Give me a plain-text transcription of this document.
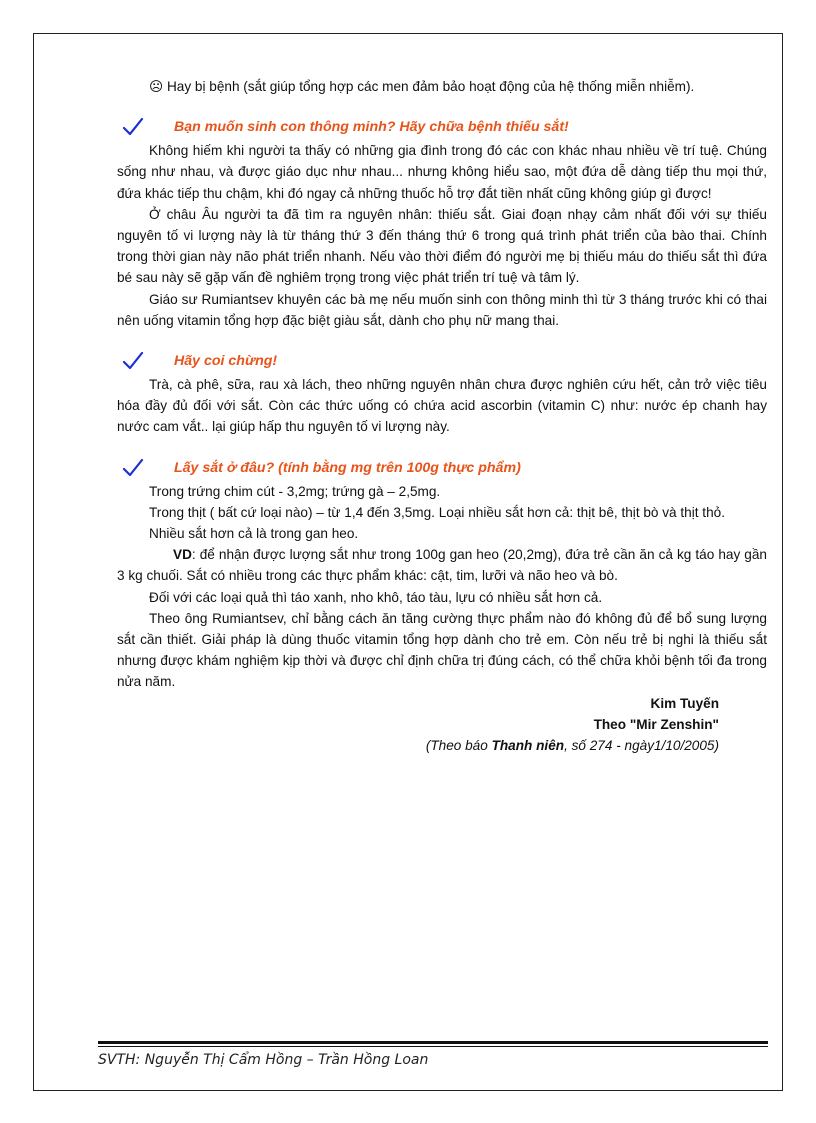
☹ Hay bị bệnh (sắt giúp tổng hợp các men đảm bảo hoạt động của hệ thống miễn nhiễm).

Bạn muốn sinh con thông minh? Hãy chữa bệnh thiếu sắt!

Không hiếm khi người ta thấy có những gia đình trong đó các con khác nhau nhiều về trí tuệ. Chúng sống như nhau, và được giáo dục như nhau... nhưng không hiểu sao, một đứa dễ dàng tiếp thu mọi thứ, đứa khác tiếp thu chậm, khi đó ngay cả những thuốc hỗ trợ đắt tiền nhất cũng không giúp gì được!

Ở châu Âu người ta đã tìm ra nguyên nhân: thiếu sắt. Giai đoạn nhạy cảm nhất đối với sự thiếu nguyên tố vi lượng này là từ tháng thứ 3 đến tháng thứ 6 trong quá trình phát triển của bào thai. Chính trong thời gian này não phát triển nhanh. Nếu vào thời điểm đó người mẹ bị thiếu máu do thiếu sắt thì đứa bé sau này sẽ gặp vấn đề nghiêm trọng trong việc phát triển trí tuệ và tâm lý.

Giáo sư Rumiantsev khuyên các bà mẹ nếu muốn sinh con thông minh thì từ 3 tháng trước khi có thai nên uống vitamin tổng hợp đặc biệt giàu sắt, dành cho phụ nữ mang thai.

Hãy coi chừng!

Trà, cà phê, sữa, rau xà lách, theo những nguyên nhân chưa được nghiên cứu hết, cản trở việc tiêu hóa đầy đủ đối với sắt. Còn các thức uống có chứa acid ascorbin (vitamin C) như: nước ép chanh hay nước cam vắt.. lại giúp hấp thu nguyên tố vi lượng này.

Lấy sắt ở đâu? (tính bằng mg trên 100g thực phẩm)

Trong trứng chim cút - 3,2mg; trứng gà – 2,5mg.

Trong thịt ( bất cứ loại nào) – từ 1,4 đến 3,5mg. Loại nhiều sắt hơn cả: thịt bê, thịt bò và thịt thỏ.

Nhiều sắt hơn cả là trong gan heo.

VD: để nhận được lượng sắt như trong 100g gan heo (20,2mg), đứa trẻ cần ăn cả kg táo hay gần 3 kg chuối. Sắt có nhiều trong các thực phẩm khác: cật, tim, lưỡi và não heo và bò.

Đối với các loại quả thì táo xanh, nho khô, táo tàu, lựu có nhiều sắt hơn cả.

Theo ông Rumiantsev, chỉ bằng cách ăn tăng cường thực phẩm nào đó không đủ để bổ sung lượng sắt cần thiết. Giải pháp là dùng thuốc vitamin tổng hợp dành cho trẻ em. Còn nếu trẻ bị nghi là thiếu sắt nhưng được khám nghiệm kịp thời và được chỉ định chữa trị đúng cách, có thể chữa khỏi bệnh tối đa trong nửa năm.

Kim Tuyến

Theo "Mir Zenshin"

(Theo báo Thanh niên, số 274 - ngày1/10/2005)

SVTH: Nguyễn Thị Cẩm Hồng – Trần Hồng Loan
